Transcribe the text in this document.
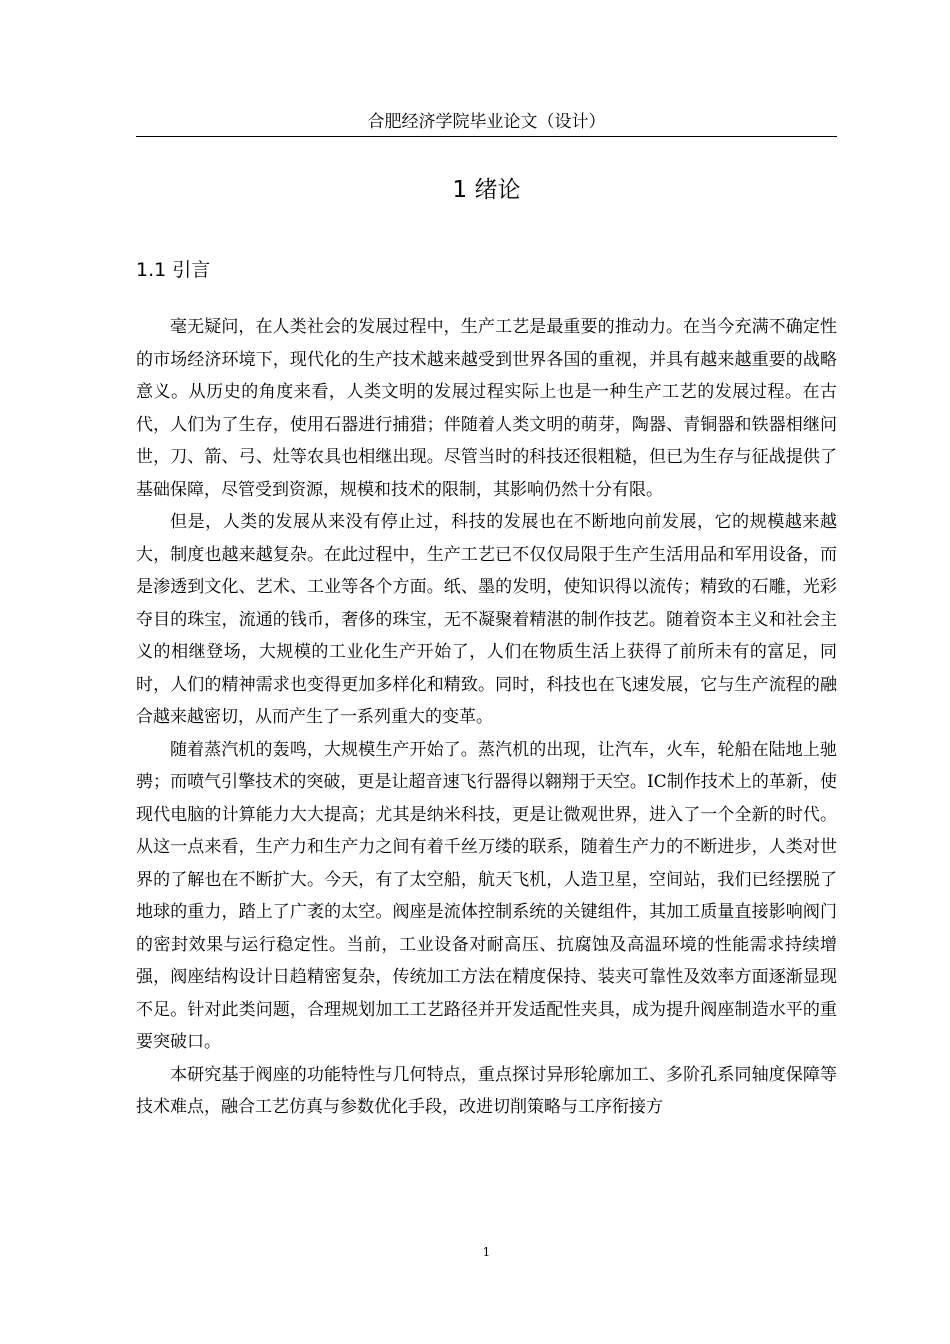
合肥经济学院毕业论文（设计）
1 绪论
1.1 引言

毫无疑问，在人类社会的发展过程中，生产工艺是最重要的推动力。在当今充满不确定性的市场经济环境下，现代化的生产技术越来越受到世界各国的重视，并具有越来越重要的战略意义。从历史的角度来看，人类文明的发展过程实际上也是一种生产工艺的发展过程。在古代，人们为了生存，使用石器进行捕猎；伴随着人类文明的萌芽，陶器、青铜器和铁器相继问世，刀、箭、弓、灶等农具也相继出现。尽管当时的科技还很粗糙，但已为生存与征战提供了基础保障，尽管受到资源，规模和技术的限制，其影响仍然十分有限。

但是，人类的发展从来没有停止过，科技的发展也在不断地向前发展，它的规模越来越大，制度也越来越复杂。在此过程中，生产工艺已不仅仅局限于生产生活用品和军用设备，而是渗透到文化、艺术、工业等各个方面。纸、墨的发明，使知识得以流传；精致的石雕，光彩夺目的珠宝，流通的钱币，奢侈的珠宝，无不凝聚着精湛的制作技艺。随着资本主义和社会主义的相继登场，大规模的工业化生产开始了，人们在物质生活上获得了前所未有的富足，同时，人们的精神需求也变得更加多样化和精致。同时，科技也在飞速发展，它与生产流程的融合越来越密切，从而产生了一系列重大的变革。

随着蒸汽机的轰鸣，大规模生产开始了。蒸汽机的出现，让汽车，火车，轮船在陆地上驰骋；而喷气引擎技术的突破，更是让超音速飞行器得以翱翔于天空。IC制作技术上的革新，使现代电脑的计算能力大大提高；尤其是纳米科技，更是让微观世界，进入了一个全新的时代。从这一点来看，生产力和生产力之间有着千丝万缕的联系，随着生产力的不断进步，人类对世界的了解也在不断扩大。今天，有了太空船，航天飞机，人造卫星，空间站，我们已经摆脱了地球的重力，踏上了广袤的太空。阀座是流体控制系统的关键组件，其加工质量直接影响阀门的密封效果与运行稳定性。当前，工业设备对耐高压、抗腐蚀及高温环境的性能需求持续增强，阀座结构设计日趋精密复杂，传统加工方法在精度保持、装夹可靠性及效率方面逐渐显现不足。针对此类问题，合理规划加工工艺路径并开发适配性夹具，成为提升阀座制造水平的重要突破口。

本研究基于阀座的功能特性与几何特点，重点探讨异形轮廓加工、多阶孔系同轴度保障等技术难点，融合工艺仿真与参数优化手段，改进切削策略与工序衔接方

1
